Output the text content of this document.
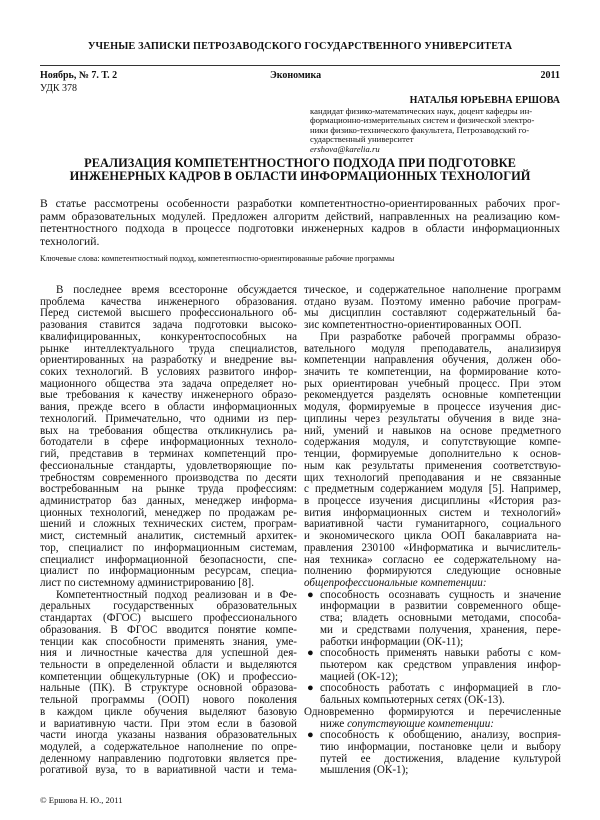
УЧЕНЫЕ ЗАПИСКИ ПЕТРОЗАВОДСКОГО ГОСУДАРСТВЕННОГО УНИВЕРСИТЕТА
Ноябрь, № 7. Т. 2	Экономика	2011
УДК 378
НАТАЛЬЯ ЮРЬЕВНА ЕРШОВА
кандидат физико-математических наук, доцент кафедры ин-
формационно-измерительных систем и физической электро-
ники физико-технического факультета, Петрозаводский го-
сударственный университет
ershova@karelia.ru
РЕАЛИЗАЦИЯ КОМПЕТЕНТНОСТНОГО ПОДХОДА ПРИ ПОДГОТОВКЕ
ИНЖЕНЕРНЫХ КАДРОВ В ОБЛАСТИ ИНФОРМАЦИОННЫХ ТЕХНОЛОГИЙ
В статье рассмотрены особенности разработки компетентностно-ориентированных рабочих прог-
рамм образовательных модулей. Предложен алгоритм действий, направленных на реализацию ком-
петентностного подхода в процессе подготовки инженерных кадров в области информационных
технологий.
Ключевые слова: компетентностный подход, компетентностно-ориентированные рабочие программы
В последнее время всесторонне обсуждается
проблема качества инженерного образования.
Перед системой высшего профессионального об-
разования ставится задача подготовки высоко-
квалифицированных, конкурентоспособных на
рынке интеллектуального труда специалистов,
ориентированных на разработку и внедрение вы-
соких технологий. В условиях развитого инфор-
мационного общества эта задача определяет но-
вые требования к качеству инженерного образо-
вания, прежде всего в области информационных
технологий. Примечательно, что одними из пер-
вых на требования общества откликнулись ра-
ботодатели в сфере информационных техноло-
гий, представив в терминах компетенций про-
фессиональные стандарты, удовлетворяющие по-
требностям современного производства по десяти
востребованным на рынке труда профессиям:
администратор баз данных, менеджер информа-
ционных технологий, менеджер по продажам ре-
шений и сложных технических систем, програм-
мист, системный аналитик, системный архитек-
тор, специалист по информационным системам,
специалист информационной безопасности, спе-
циалист по информационным ресурсам, специа-
лист по системному администрированию [8].
Компетентностный подход реализован и в Фе-
деральных государственных образовательных
стандартах (ФГОС) высшего профессионального
образования. В ФГОС вводится понятие компе-
тенции как способности применять знания, уме-
ния и личностные качества для успешной дея-
тельности в определенной области и выделяются
компетенции общекультурные (ОК) и профессио-
нальные (ПК). В структуре основной образова-
тельной программы (ООП) нового поколения
в каждом цикле обучения выделяют базовую
и вариативную части. При этом если в базовой
части иногда указаны названия образовательных
модулей, а содержательное наполнение по опре-
деленному направлению подготовки является пре-
рогативой вуза, то в вариативной части и тема-
тическое, и содержательное наполнение программ
отдано вузам. Поэтому именно рабочие програм-
мы дисциплин составляют содержательный ба-
зис компетентностно-ориентированных ООП.
При разработке рабочей программы образо-
вательного модуля преподаватель, анализируя
компетенции направления обучения, должен обо-
значить те компетенции, на формирование кото-
рых ориентирован учебный процесс. При этом
рекомендуется разделять основные компетенции
модуля, формируемые в процессе изучения дис-
циплины через результаты обучения в виде зна-
ний, умений и навыков на основе предметного
содержания модуля, и сопутствующие компе-
тенции, формируемые дополнительно к основ-
ным как результаты применения соответствую-
щих технологий преподавания и не связанные
с предметным содержанием модуля [5]. Например,
в процессе изучения дисциплины «История раз-
вития информационных систем и технологий»
вариативной части гуманитарного, социального
и экономического цикла ООП бакалавриата на-
правления 230100 «Информатика и вычислитель-
ная техника» согласно ее содержательному на-
полнению формируются следующие основные
общепрофессиональные компетенции:
● способность осознавать сущность и значение
информации в развитии современного обще-
ства; владеть основными методами, способа-
ми и средствами получения, хранения, пере-
работки информации (ОК-11);
● способность применять навыки работы с ком-
пьютером как средством управления инфор-
мацией (ОК-12);
● способность работать с информацией в гло-
бальных компьютерных сетях (ОК-13).
Одновременно формируются и перечисленные
ниже сопутствующие компетенции:
● способность к обобщению, анализу, восприя-
тию информации, постановке цели и выбору
путей ее достижения, владение культурой
мышления (ОК-1);
© Ершова Н. Ю., 2011
